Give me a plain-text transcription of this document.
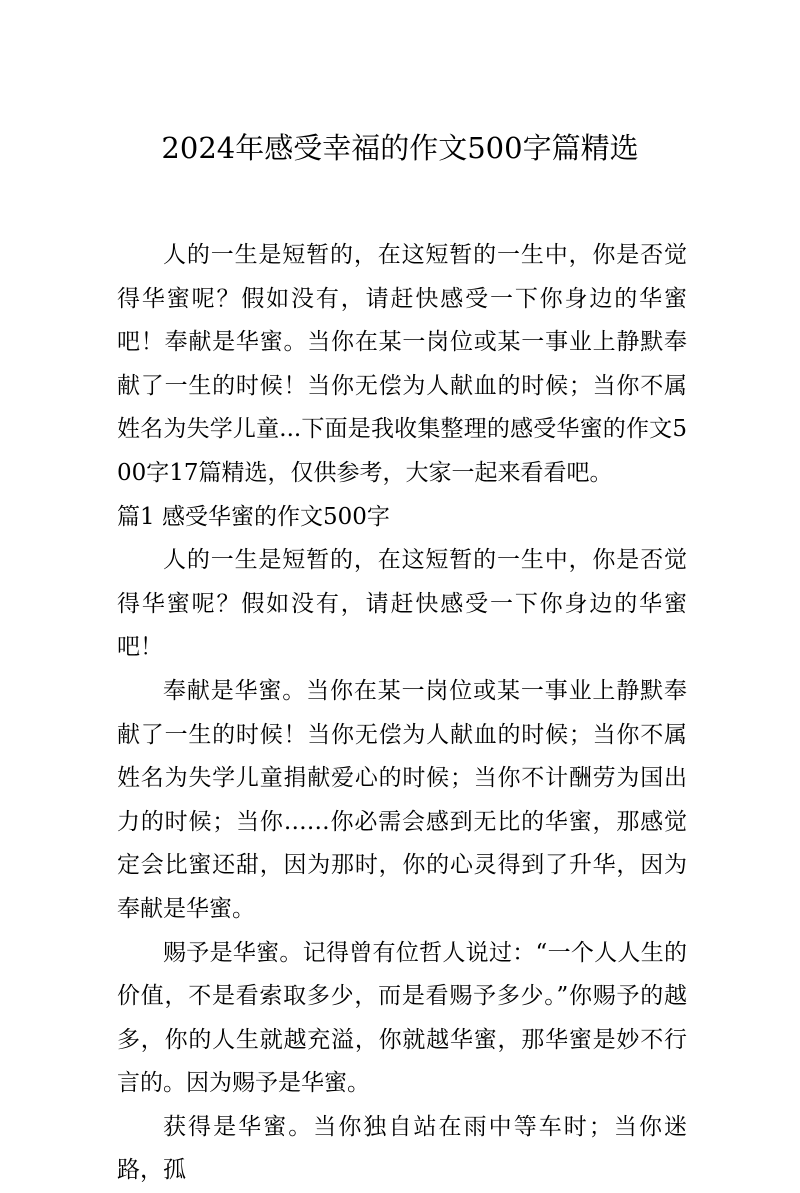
2024年感受幸福的作文500字篇精选

人的一生是短暂的，在这短暂的一生中，你是否觉得华蜜呢？假如没有，请赶快感受一下你身边的华蜜吧！奉献是华蜜。当你在某一岗位或某一事业上静默奉献了一生的时候！当你无偿为人献血的时候；当你不属姓名为失学儿童...下面是我收集整理的感受华蜜的作文500字17篇精选，仅供参考，大家一起来看看吧。

篇1 感受华蜜的作文500字

人的一生是短暂的，在这短暂的一生中，你是否觉得华蜜呢？假如没有，请赶快感受一下你身边的华蜜吧！

奉献是华蜜。当你在某一岗位或某一事业上静默奉献了一生的时候！当你无偿为人献血的时候；当你不属姓名为失学儿童捐献爱心的时候；当你不计酬劳为国出力的时候；当你……你必需会感到无比的华蜜，那感觉定会比蜜还甜，因为那时，你的心灵得到了升华，因为奉献是华蜜。

赐予是华蜜。记得曾有位哲人说过：“一个人人生的价值，不是看索取多少，而是看赐予多少。”你赐予的越多，你的人生就越充溢，你就越华蜜，那华蜜是妙不行言的。因为赐予是华蜜。

获得是华蜜。当你独自站在雨中等车时；当你迷路，孤
